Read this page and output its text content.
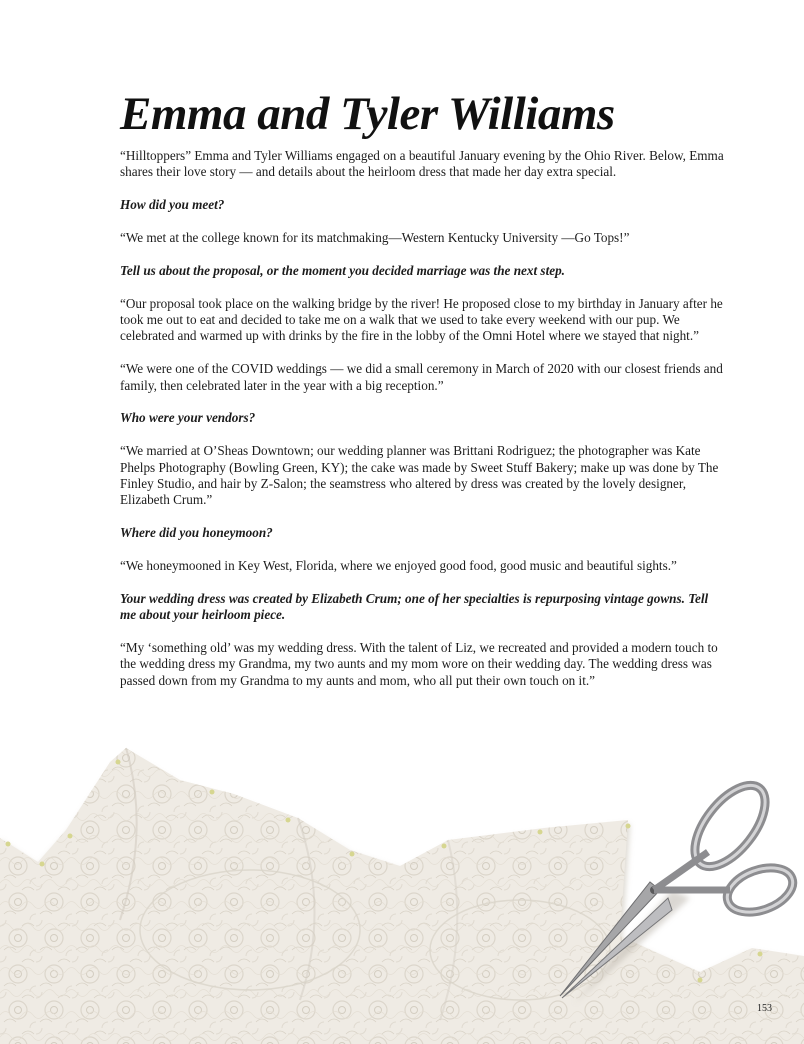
Emma and Tyler Williams

“Hilltoppers” Emma and Tyler Williams engaged on a beautiful January evening by the Ohio River. Below, Emma shares their love story — and details about the heirloom dress that made her day extra special.

How did you meet?

“We met at the college known for its matchmaking—Western Kentucky University —Go Tops!”

Tell us about the proposal, or the moment you decided marriage was the next step.

“Our proposal took place on the walking bridge by the river! He proposed close to my birthday in January after he took me out to eat and decided to take me on a walk that we used to take every weekend with our pup. We celebrated and warmed up with drinks by the fire in the lobby of the Omni Hotel where we stayed that night.”

“We were one of the COVID weddings — we did a small ceremony in March of 2020 with our closest friends and family, then celebrated later in the year with a big reception.”

Who were your vendors?

“We married at O’Sheas Downtown; our wedding planner was Brittani Rodriguez; the photographer was Kate Phelps Photography (Bowling Green, KY); the cake was made by Sweet Stuff Bakery; make up was done by The Finley Studio, and hair by Z-Salon; the seamstress who altered by dress was created by the lovely designer, Elizabeth Crum.”

Where did you honeymoon?

“We honeymooned in Key West, Florida, where we enjoyed good food, good music and beautiful sights.”

Your wedding dress was created by Elizabeth Crum; one of her specialties is repurposing vintage gowns. Tell me about your heirloom piece.

“My ‘something old’ was my wedding dress. With the talent of Liz, we recreated and provided a modern touch to the wedding dress my Grandma, my two aunts and my mom wore on their wedding day. The wedding dress was passed down from my Grandma to my aunts and mom, who all put their own touch on it.”

153
